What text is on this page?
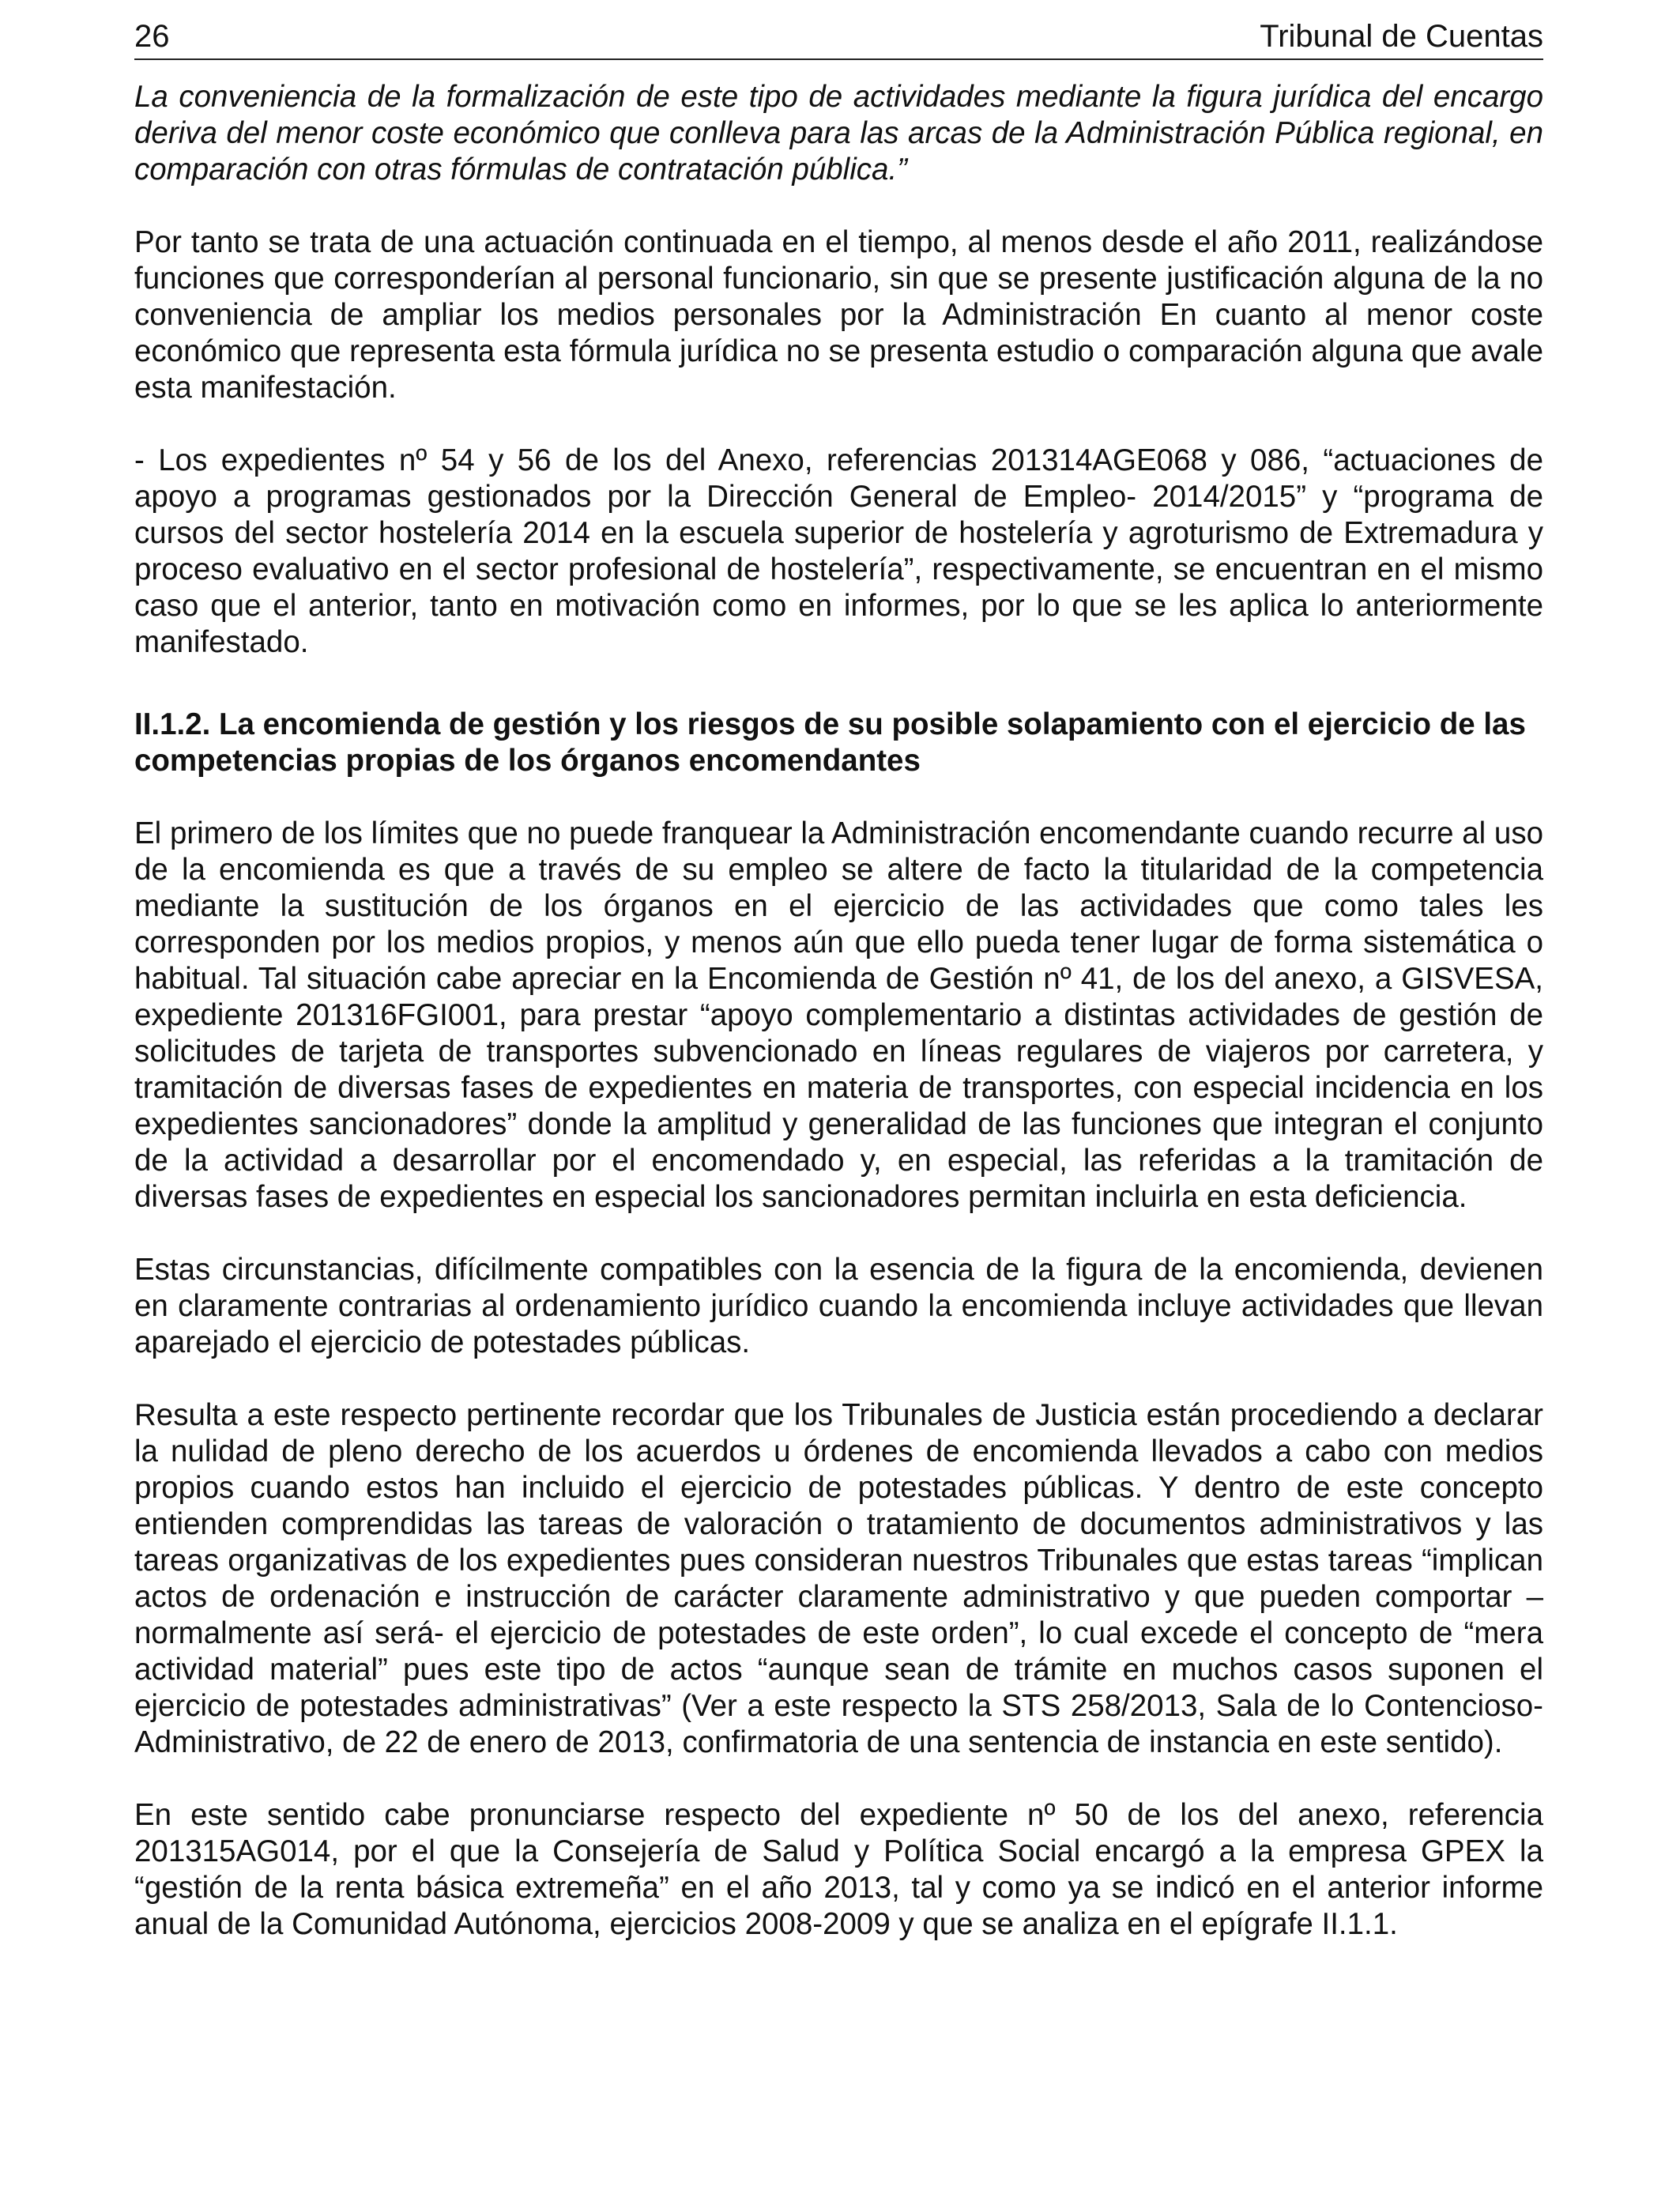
26	Tribunal de Cuentas

La conveniencia de la formalización de este tipo de actividades mediante la figura jurídica del encargo deriva del menor coste económico que conlleva para las arcas de la Administración Pública regional, en comparación con otras fórmulas de contratación pública.”

Por tanto se trata de una actuación continuada en el tiempo, al menos desde el año 2011, realizándose funciones que corresponderían al personal funcionario, sin que se presente justificación alguna de la no conveniencia de ampliar los medios personales por la Administración En cuanto al menor coste económico que representa esta fórmula jurídica no se presenta estudio o comparación alguna que avale esta manifestación.

- Los expedientes nº 54 y 56 de los del Anexo, referencias 201314AGE068 y 086, “actuaciones de apoyo a programas gestionados por la Dirección General de Empleo- 2014/2015” y “programa de cursos del sector hostelería 2014 en la escuela superior de hostelería y agroturismo de Extremadura y proceso evaluativo en el sector profesional de hostelería”, respectivamente, se encuentran en el mismo caso que el anterior, tanto en motivación como en informes, por lo que se les aplica lo anteriormente manifestado.

II.1.2. La encomienda de gestión y los riesgos de su posible solapamiento con el ejercicio de las competencias propias de los órganos encomendantes

El primero de los límites que no puede franquear la Administración encomendante cuando recurre al uso de la encomienda es que a través de su empleo se altere de facto la titularidad de la competencia mediante la sustitución de los órganos en el ejercicio de las actividades que como tales les corresponden por los medios propios, y menos aún que ello pueda tener lugar de forma sistemática o habitual. Tal situación cabe apreciar en la Encomienda de Gestión nº 41, de los del anexo, a GISVESA, expediente 201316FGI001, para prestar “apoyo complementario a distintas actividades de gestión de solicitudes de tarjeta de transportes subvencionado en líneas regulares de viajeros por carretera, y tramitación de diversas fases de expedientes en materia de transportes, con especial incidencia en los expedientes sancionadores” donde la amplitud y generalidad de las funciones que integran el conjunto de la actividad a desarrollar por el encomendado y, en especial, las referidas a la tramitación de diversas fases de expedientes en especial los sancionadores permitan incluirla en esta deficiencia.

Estas circunstancias, difícilmente compatibles con la esencia de la figura de la encomienda, devienen en claramente contrarias al ordenamiento jurídico cuando la encomienda incluye actividades que llevan aparejado el ejercicio de potestades públicas.

Resulta a este respecto pertinente recordar que los Tribunales de Justicia están procediendo a declarar la nulidad de pleno derecho de los acuerdos u órdenes de encomienda llevados a cabo con medios propios cuando estos han incluido el ejercicio de potestades públicas. Y dentro de este concepto entienden comprendidas las tareas de valoración o tratamiento de documentos administrativos y las tareas organizativas de los expedientes pues consideran nuestros Tribunales que estas tareas “implican actos de ordenación e instrucción de carácter claramente administrativo y que pueden comportar –normalmente así será- el ejercicio de potestades de este orden”, lo cual excede el concepto de “mera actividad material” pues este tipo de actos “aunque sean de trámite en muchos casos suponen el ejercicio de potestades administrativas” (Ver a este respecto la STS 258/2013, Sala de lo Contencioso-Administrativo, de 22 de enero de 2013, confirmatoria de una sentencia de instancia en este sentido).

En este sentido cabe pronunciarse respecto del expediente nº 50 de los del anexo, referencia 201315AG014, por el que la Consejería de Salud y Política Social encargó a la empresa GPEX la “gestión de la renta básica extremeña” en el año 2013, tal y como ya se indicó en el anterior informe anual de la Comunidad Autónoma, ejercicios 2008-2009 y que se analiza en el epígrafe II.1.1.
